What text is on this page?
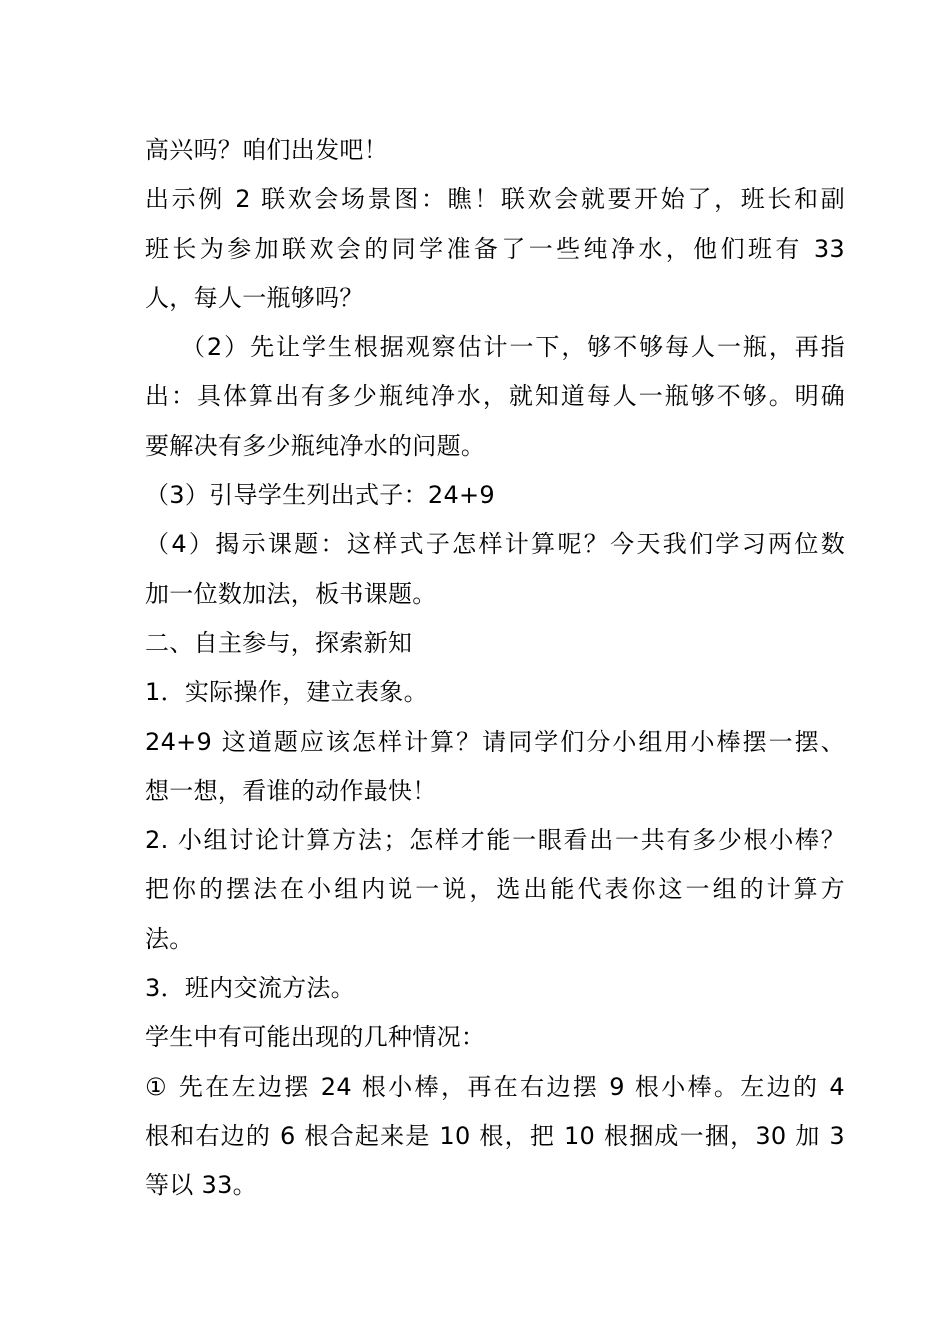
高兴吗？咱们出发吧！

出示例 2 联欢会场景图：瞧！联欢会就要开始了，班长和副

班长为参加联欢会的同学准备了一些纯净水，他们班有 33

人，每人一瓶够吗？

（2）先让学生根据观察估计一下，够不够每人一瓶，再指

出：具体算出有多少瓶纯净水，就知道每人一瓶够不够。明确

要解决有多少瓶纯净水的问题。

（3）引导学生列出式子：24+9

（4）揭示课题：这样式子怎样计算呢？今天我们学习两位数

加一位数加法，板书课题。

二、自主参与，探索新知

1．实际操作，建立表象。

24+9 这道题应该怎样计算？请同学们分小组用小棒摆一摆、

想一想，看谁的动作最快！

2. 小组讨论计算方法；怎样才能一眼看出一共有多少根小棒？

把你的摆法在小组内说一说，选出能代表你这一组的计算方

法。

3．班内交流方法。

学生中有可能出现的几种情况：

① 先在左边摆 24 根小棒，再在右边摆 9 根小棒。左边的 4

根和右边的 6 根合起来是 10 根，把 10 根捆成一捆，30 加 3

等以 33。
